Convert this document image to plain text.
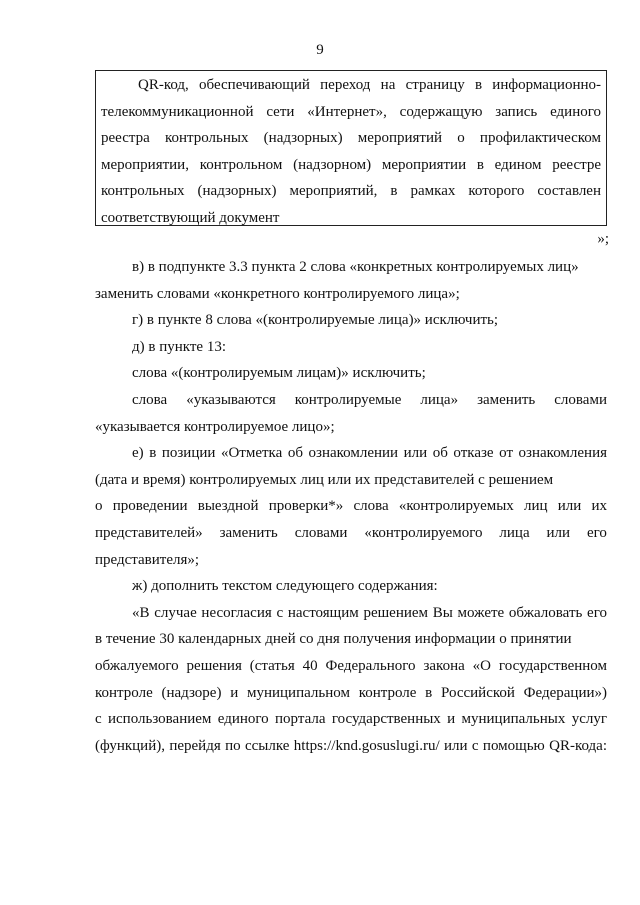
9

QR-код, обеспечивающий переход на страницу в информационно-телекоммуникационной сети «Интернет», содержащую запись единого реестра контрольных (надзорных) мероприятий о профилактическом мероприятии, контрольном (надзорном) мероприятии в едином реестре контрольных (надзорных) мероприятий, в рамках которого составлен соответствующий документ

»;
в) в подпункте 3.3 пункта 2 слова «конкретных контролируемых лиц»
заменить словами «конкретного контролируемого лица»;
г) в пункте 8 слова «(контролируемые лица)» исключить;
д) в пункте 13:
слова «(контролируемым лицам)» исключить;
слова «указываются контролируемые лица» заменить словами
«указывается контролируемое лицо»;
е) в позиции «Отметка об ознакомлении или об отказе от ознакомления
(дата и время) контролируемых лиц или их представителей с решением
о проведении выездной проверки*» слова «контролируемых лиц или их
представителей» заменить словами «контролируемого лица или его
представителя»;
ж) дополнить текстом следующего содержания:
«В случае несогласия с настоящим решением Вы можете обжаловать его
в течение 30 календарных дней со дня получения информации о принятии
обжалуемого решения (статья 40 Федерального закона «О государственном
контроле (надзоре) и муниципальном контроле в Российской Федерации»)
с использованием единого портала государственных и муниципальных услуг
(функций), перейдя по ссылке https://knd.gosuslugi.ru/ или с помощью QR-кода:
